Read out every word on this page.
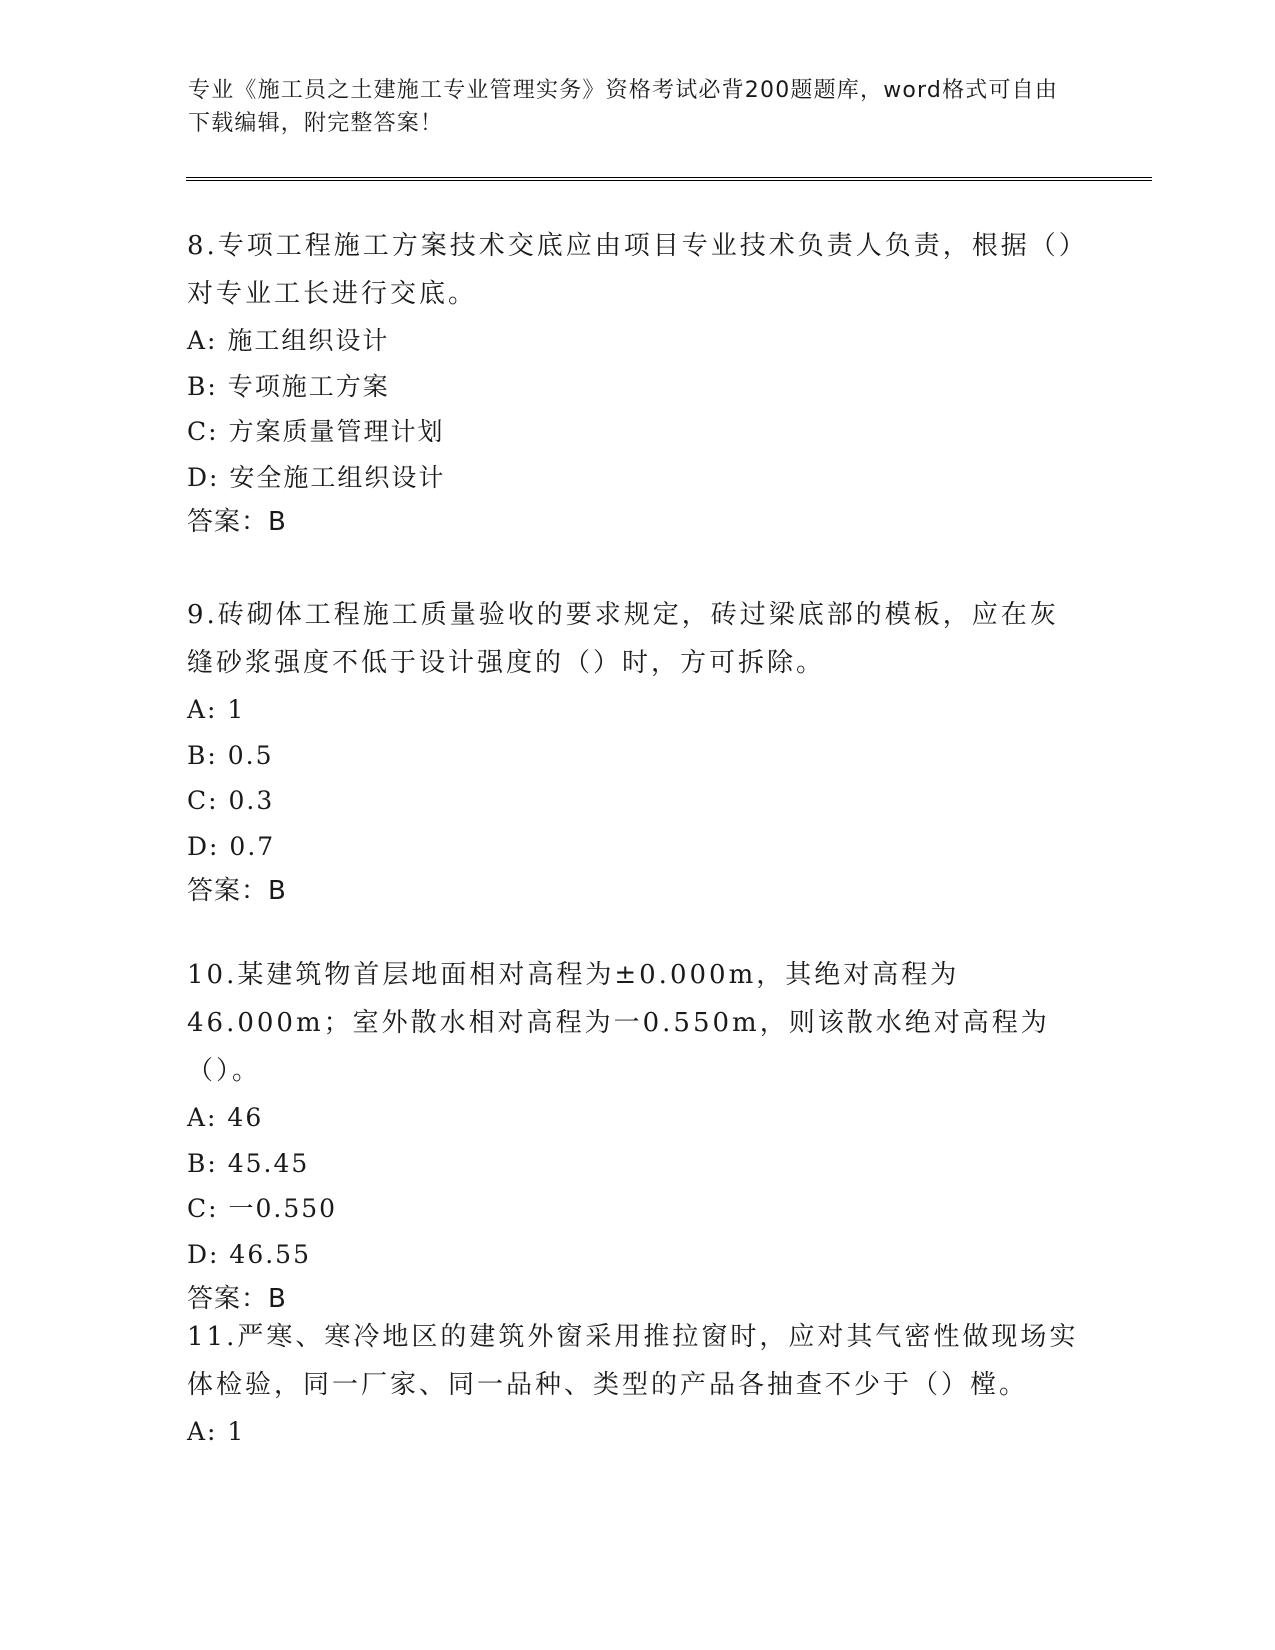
专业《施工员之土建施工专业管理实务》资格考试必背200题题库，word格式可自由下载编辑，附完整答案！

8.专项工程施工方案技术交底应由项目专业技术负责人负责，根据（）对专业工长进行交底。

A: 施工组织设计

B: 专项施工方案

C: 方案质量管理计划

D: 安全施工组织设计

答案：B

9.砖砌体工程施工质量验收的要求规定，砖过梁底部的模板，应在灰缝砂浆强度不低于设计强度的（）时，方可拆除。

A: 1

B: 0.5

C: 0.3

D: 0.7

答案：B

10.某建筑物首层地面相对高程为±0.000m，其绝对高程为46.000m；室外散水相对高程为一0.550m，则该散水绝对高程为（）。

A: 46

B: 45.45

C: 一0.550

D: 46.55

答案：B

11.严寒、寒冷地区的建筑外窗采用推拉窗时，应对其气密性做现场实体检验，同一厂家、同一品种、类型的产品各抽查不少于（）樘。

A: 1
